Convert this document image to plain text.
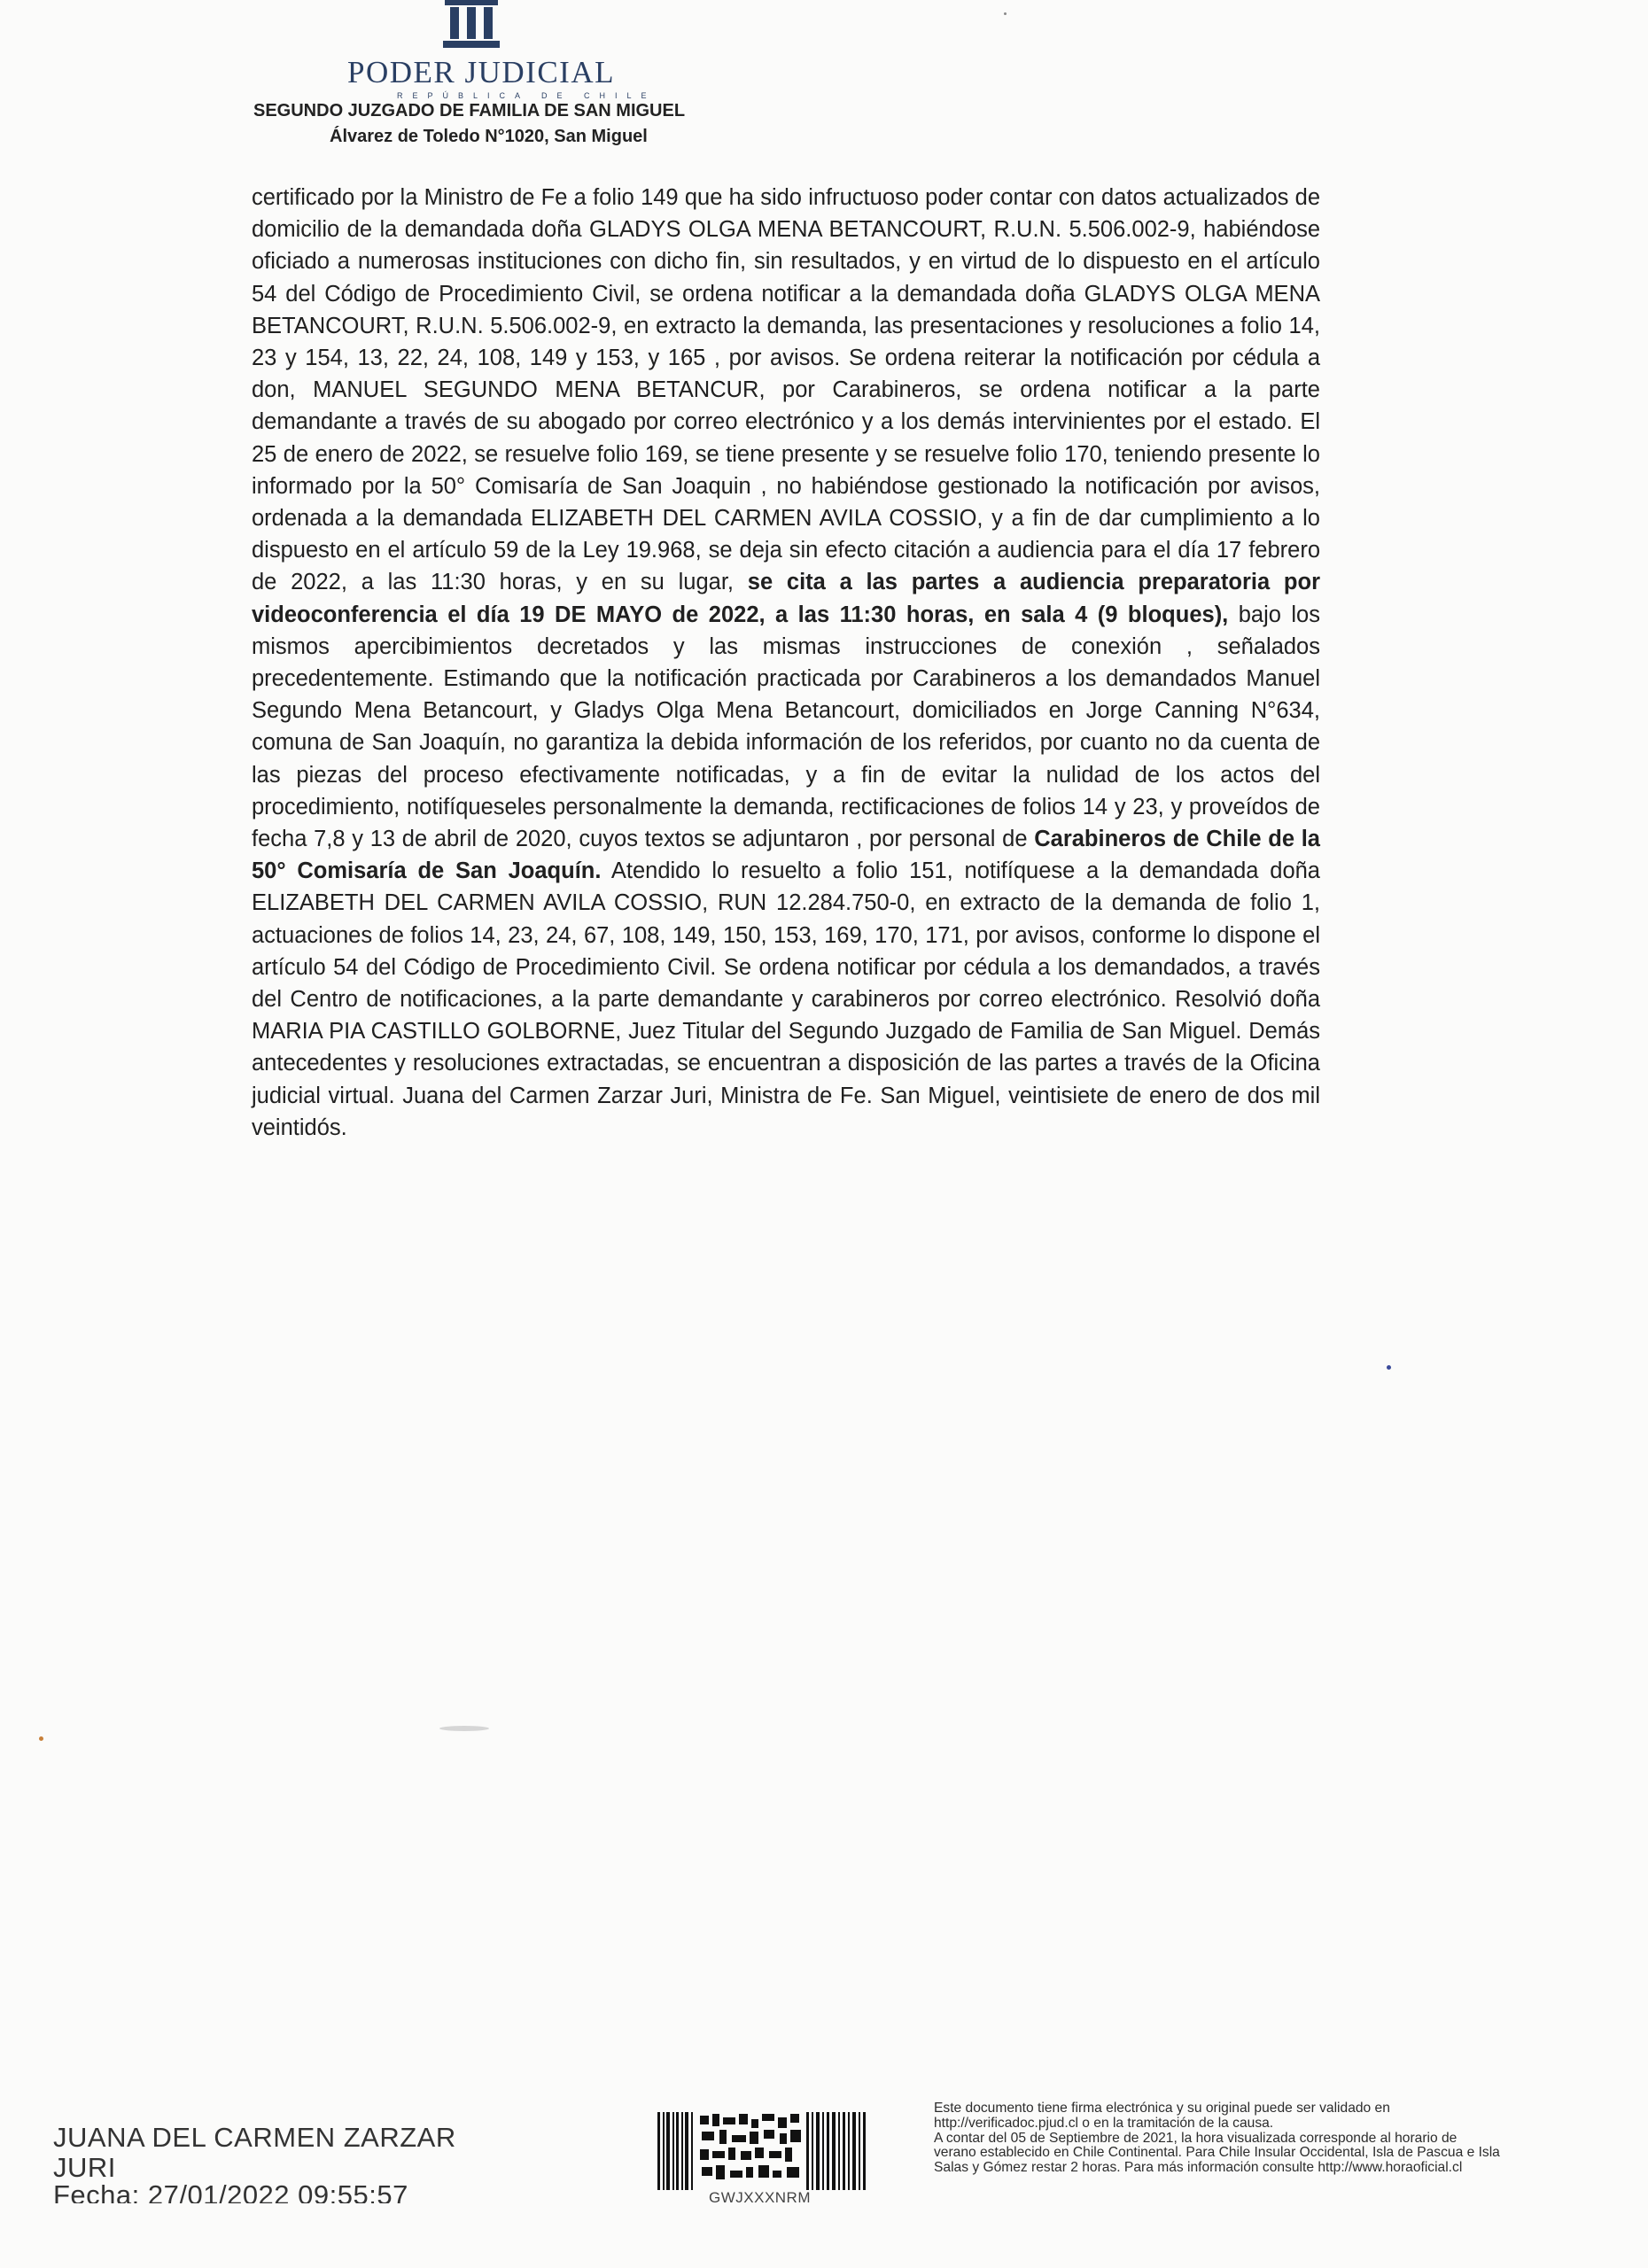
PODER JUDICIAL
REPÚBLICA DE CHILE
SEGUNDO JUZGADO DE FAMILIA DE SAN MIGUEL
Álvarez de Toledo N°1020, San Miguel
certificado por la Ministro de Fe a folio 149 que ha sido infructuoso poder contar con datos actualizados de domicilio de la demandada doña GLADYS OLGA MENA BETANCOURT, R.U.N. 5.506.002-9, habiéndose oficiado a numerosas instituciones con dicho fin, sin resultados, y en virtud de lo dispuesto en el artículo 54 del Código de Procedimiento Civil, se ordena notificar a la demandada doña GLADYS OLGA MENA BETANCOURT, R.U.N. 5.506.002-9, en extracto la demanda, las presentaciones y resoluciones a folio 14, 23 y 154, 13, 22, 24, 108, 149 y 153, y 165 , por avisos. Se ordena reiterar la notificación por cédula a don, MANUEL SEGUNDO MENA BETANCUR, por Carabineros, se ordena notificar a la parte demandante a través de su abogado por correo electrónico y a los demás intervinientes por el estado. El 25 de enero de 2022, se resuelve folio 169, se tiene presente y se resuelve folio 170, teniendo presente lo informado por la 50° Comisaría de San Joaquin , no habiéndose gestionado la notificación por avisos, ordenada a la demandada ELIZABETH DEL CARMEN AVILA COSSIO, y a fin de dar cumplimiento a lo dispuesto en el artículo 59 de la Ley 19.968, se deja sin efecto citación a audiencia para el día 17 febrero de 2022, a las 11:30 horas, y en su lugar, se cita a las partes a audiencia preparatoria por videoconferencia el día 19 DE MAYO de 2022, a las 11:30 horas, en sala 4 (9 bloques), bajo los mismos apercibimientos decretados y las mismas instrucciones de conexión , señalados precedentemente. Estimando que la notificación practicada por Carabineros a los demandados Manuel Segundo Mena Betancourt, y Gladys Olga Mena Betancourt, domiciliados en Jorge Canning N°634, comuna de San Joaquín, no garantiza la debida información de los referidos, por cuanto no da cuenta de las piezas del proceso efectivamente notificadas, y a fin de evitar la nulidad de los actos del procedimiento, notifíqueseles personalmente la demanda, rectificaciones de folios 14 y 23, y proveídos de fecha 7,8 y 13 de abril de 2020, cuyos textos se adjuntaron , por personal de Carabineros de Chile de la 50° Comisaría de San Joaquín. Atendido lo resuelto a folio 151, notifíquese a la demandada doña ELIZABETH DEL CARMEN AVILA COSSIO, RUN 12.284.750-0, en extracto de la demanda de folio 1, actuaciones de folios 14, 23, 24, 67, 108, 149, 150, 153, 169, 170, 171, por avisos, conforme lo dispone el artículo 54 del Código de Procedimiento Civil. Se ordena notificar por cédula a los demandados, a través del Centro de notificaciones, a la parte demandante y carabineros por correo electrónico. Resolvió doña MARIA PIA CASTILLO GOLBORNE, Juez Titular del Segundo Juzgado de Familia de San Miguel. Demás antecedentes y resoluciones extractadas, se encuentran a disposición de las partes a través de la Oficina judicial virtual. Juana del Carmen Zarzar Juri, Ministra de Fe. San Miguel, veintisiete de enero de dos mil veintidós.
JUANA DEL CARMEN ZARZAR JURI
Fecha: 27/01/2022 09:55:57	GWJXXXNRM

Este documento tiene firma electrónica y su original puede ser validado en http://verificadoc.pjud.cl o en la tramitación de la causa.

A contar del 05 de Septiembre de 2021, la hora visualizada corresponde al horario de verano establecido en Chile Continental. Para Chile Insular Occidental, Isla de Pascua e Isla Salas y Gómez restar 2 horas. Para más información consulte http://www.horaoficial.cl
